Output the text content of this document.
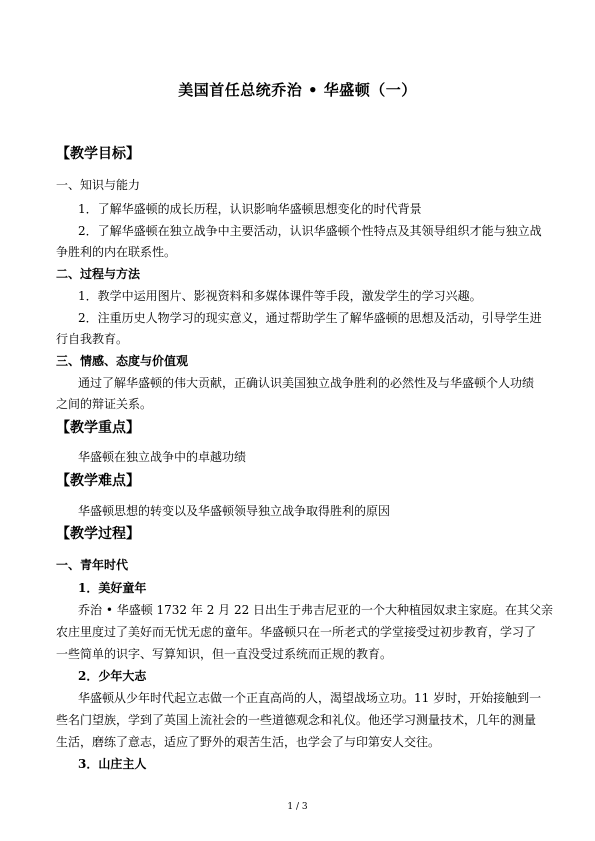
美国首任总统乔治 • 华盛顿（一）
【教学目标】
一、知识与能力
1．了解华盛顿的成长历程，认识影响华盛顿思想变化的时代背景
2．了解华盛顿在独立战争中主要活动，认识华盛顿个性特点及其领导组织才能与独立战
争胜利的内在联系性。
二、过程与方法
1．教学中运用图片、影视资料和多媒体课件等手段，激发学生的学习兴趣。
2．注重历史人物学习的现实意义，通过帮助学生了解华盛顿的思想及活动，引导学生进
行自我教育。
三、情感、态度与价值观
通过了解华盛顿的伟大贡献，正确认识美国独立战争胜利的必然性及与华盛顿个人功绩
之间的辩证关系。
【教学重点】
华盛顿在独立战争中的卓越功绩
【教学难点】
华盛顿思想的转变以及华盛顿领导独立战争取得胜利的原因
【教学过程】
一、青年时代
1．美好童年
乔治 • 华盛顿 1732 年 2 月 22 日出生于弗吉尼亚的一个大种植园奴隶主家庭。在其父亲
农庄里度过了美好而无忧无虑的童年。华盛顿只在一所老式的学堂接受过初步教育，学习了
一些简单的识字、写算知识，但一直没受过系统而正规的教育。
2．少年大志
华盛顿从少年时代起立志做一个正直高尚的人，渴望战场立功。11 岁时，开始接触到一
些名门望族，学到了英国上流社会的一些道德观念和礼仪。他还学习测量技术，几年的测量
生活，磨练了意志，适应了野外的艰苦生活，也学会了与印第安人交往。
3．山庄主人
1 / 3
